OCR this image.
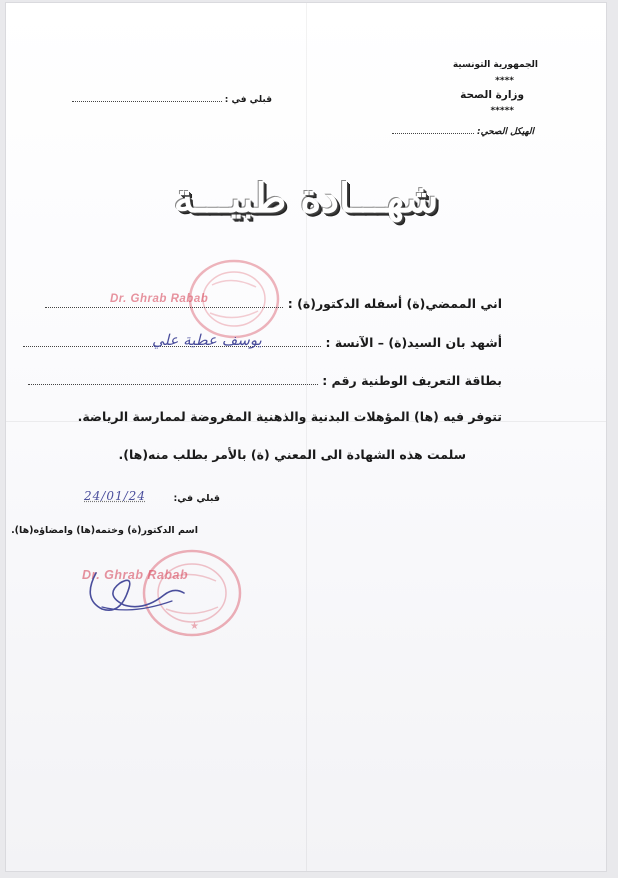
الجمهورية التونسية
****
وزارة الصحة
*****
الهيكل الصحي:
قبلي في :
شهـــادة طبيـــة
Dr. Ghrab Rabab	اني الممضي(ة) أسفله الدكتور(ة) :
أشهد بان السيد(ة) – الآنسة :
يوسف عطية علي
بطاقة التعريف الوطنية رقم :
تتوفر فيه (ها) المؤهلات البدنية والذهنية المفروضة لممارسة الرياضة.
سلمت هذه الشهادة الى المعني (ة) بالأمر بطلب منه(ها).
قبلي في:
24/01/24
اسم الدكتور(ة) وختمه(ها) وامضاؤه(ها).
★
Dr. Ghrab Rabab
